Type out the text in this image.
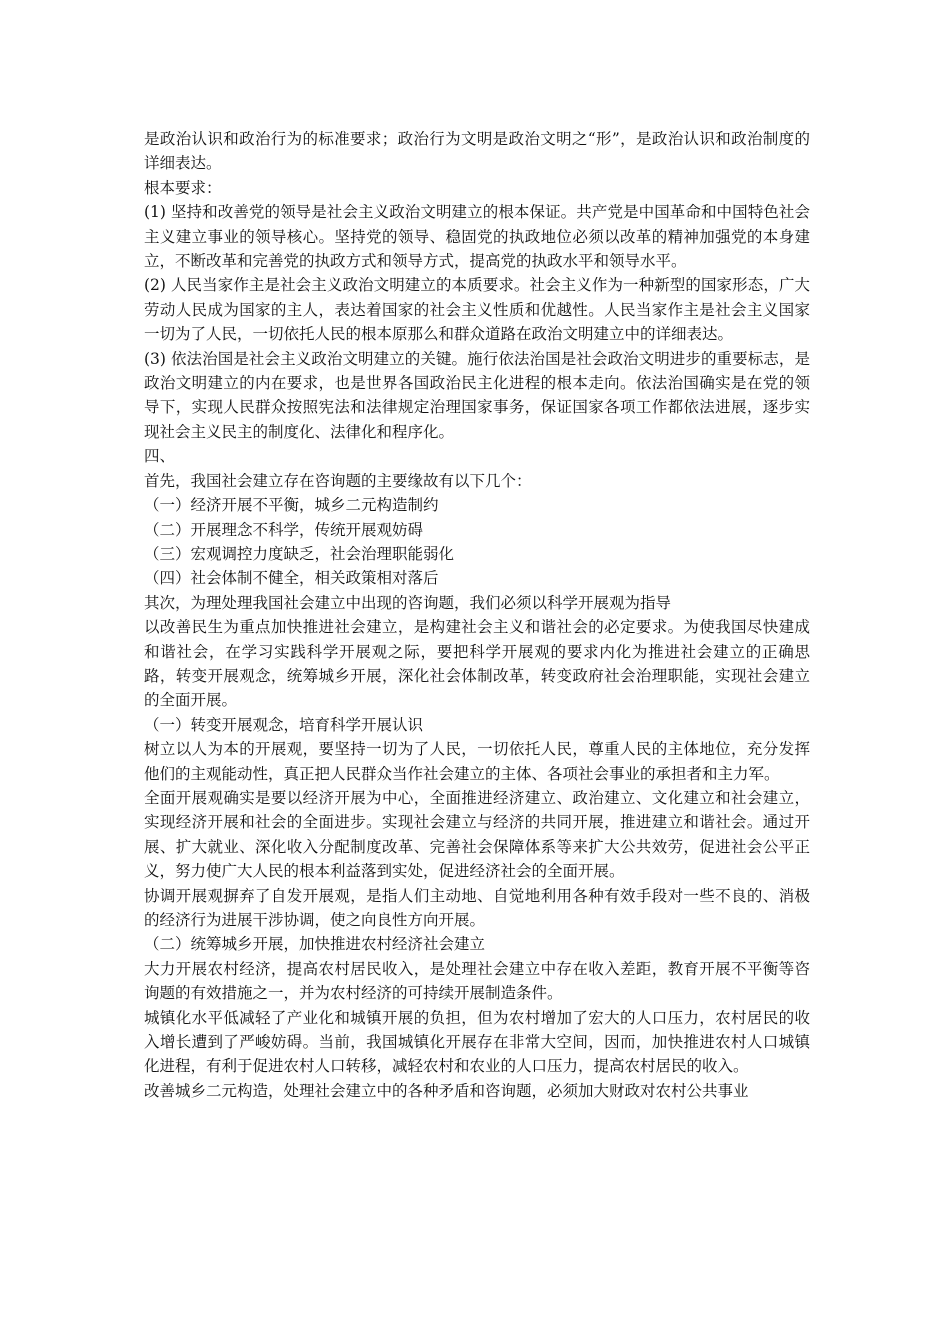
是政治认识和政治行为的标准要求；政治行为文明是政治文明之“形”，是政治认识和政治制度的详细表达。

根本要求：

(1) 坚持和改善党的领导是社会主义政治文明建立的根本保证。共产党是中国革命和中国特色社会主义建立事业的领导核心。坚持党的领导、稳固党的执政地位必须以改革的精神加强党的本身建立，不断改革和完善党的执政方式和领导方式，提高党的执政水平和领导水平。

(2) 人民当家作主是社会主义政治文明建立的本质要求。社会主义作为一种新型的国家形态，广大劳动人民成为国家的主人，表达着国家的社会主义性质和优越性。人民当家作主是社会主义国家一切为了人民，一切依托人民的根本原那么和群众道路在政治文明建立中的详细表达。

(3) 依法治国是社会主义政治文明建立的关键。施行依法治国是社会政治文明进步的重要标志，是政治文明建立的内在要求，也是世界各国政治民主化进程的根本走向。依法治国确实是在党的领导下，实现人民群众按照宪法和法律规定治理国家事务，保证国家各项工作都依法进展，逐步实现社会主义民主的制度化、法律化和程序化。

四、

首先，我国社会建立存在咨询题的主要缘故有以下几个：

（一）经济开展不平衡，城乡二元构造制约

（二）开展理念不科学，传统开展观妨碍

（三）宏观调控力度缺乏，社会治理职能弱化

（四）社会体制不健全，相关政策相对落后

其次，为理处理我国社会建立中出现的咨询题，我们必须以科学开展观为指导

以改善民生为重点加快推进社会建立，是构建社会主义和谐社会的必定要求。为使我国尽快建成和谐社会，在学习实践科学开展观之际，要把科学开展观的要求内化为推进社会建立的正确思路，转变开展观念，统筹城乡开展，深化社会体制改革，转变政府社会治理职能，实现社会建立的全面开展。

（一）转变开展观念，培育科学开展认识

树立以人为本的开展观，要坚持一切为了人民，一切依托人民，尊重人民的主体地位，充分发挥他们的主观能动性，真正把人民群众当作社会建立的主体、各项社会事业的承担者和主力军。

全面开展观确实是要以经济开展为中心，全面推进经济建立、政治建立、文化建立和社会建立，实现经济开展和社会的全面进步。实现社会建立与经济的共同开展，推进建立和谐社会。通过开展、扩大就业、深化收入分配制度改革、完善社会保障体系等来扩大公共效劳，促进社会公平正义，努力使广大人民的根本利益落到实处，促进经济社会的全面开展。

协调开展观摒弃了自发开展观，是指人们主动地、自觉地利用各种有效手段对一些不良的、消极的经济行为进展干涉协调，使之向良性方向开展。

（二）统筹城乡开展，加快推进农村经济社会建立

大力开展农村经济，提高农村居民收入，是处理社会建立中存在收入差距，教育开展不平衡等咨询题的有效措施之一，并为农村经济的可持续开展制造条件。

城镇化水平低减轻了产业化和城镇开展的负担，但为农村增加了宏大的人口压力，农村居民的收入增长遭到了严峻妨碍。当前，我国城镇化开展存在非常大空间，因而，加快推进农村人口城镇化进程，有利于促进农村人口转移，减轻农村和农业的人口压力，提高农村居民的收入。

改善城乡二元构造，处理社会建立中的各种矛盾和咨询题，必须加大财政对农村公共事业
